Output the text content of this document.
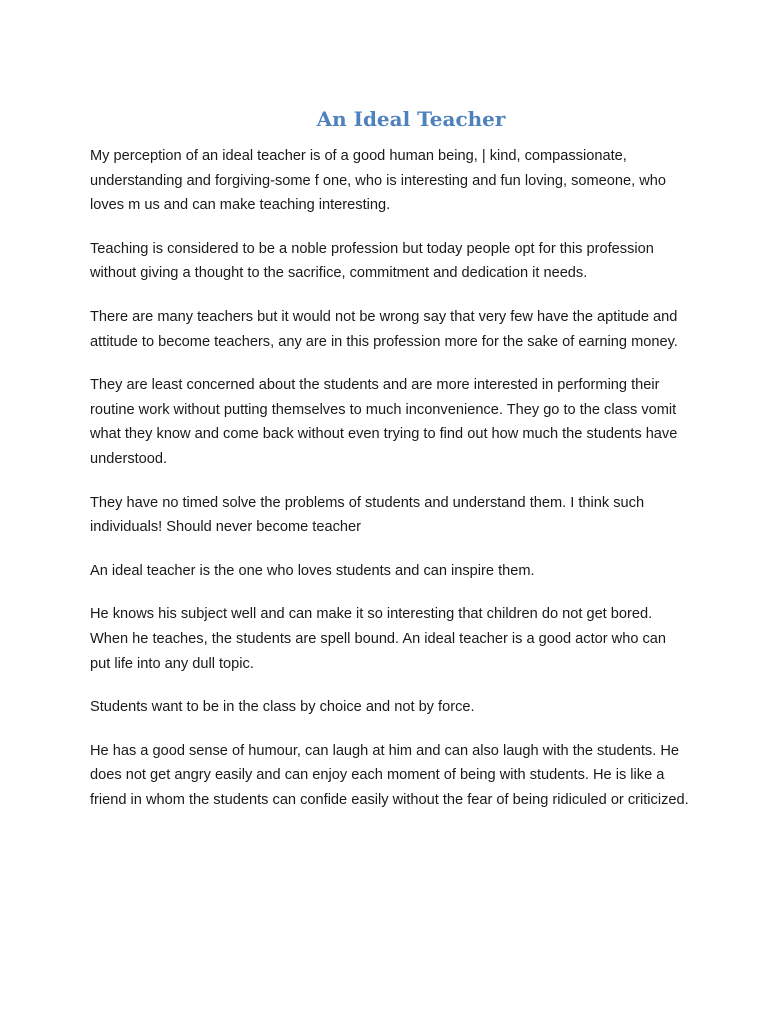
An Ideal Teacher

My perception of an ideal teacher is of a good human being, | kind, compassionate, understanding and forgiving-some f one, who is interesting and fun loving, someone, who loves m us and can make teaching interesting.

Teaching is considered to be a noble profession but today people opt for this profession without giving a thought to the sacrifice, commitment and dedication it needs.

There are many teachers but it would not be wrong say that very few have the aptitude and attitude to become teachers, any are in this profession more for the sake of earning money.

They are least concerned about the students and are more interested in performing their routine work without putting themselves to much inconvenience. They go to the class vomit what they know and come back without even trying to find out how much the students have understood.

They have no timed solve the problems of students and understand them. I think such individuals! Should never become teacher

An ideal teacher is the one who loves students and can inspire them.

He knows his subject well and can make it so interesting that children do not get bored. When he teaches, the students are spell bound. An ideal teacher is a good actor who can put life into any dull topic.

Students want to be in the class by choice and not by force.

He has a good sense of humour, can laugh at him and can also laugh with the students. He does not get angry easily and can enjoy each moment of being with students. He is like a friend in whom the students can confide easily without the fear of being ridiculed or criticized.
